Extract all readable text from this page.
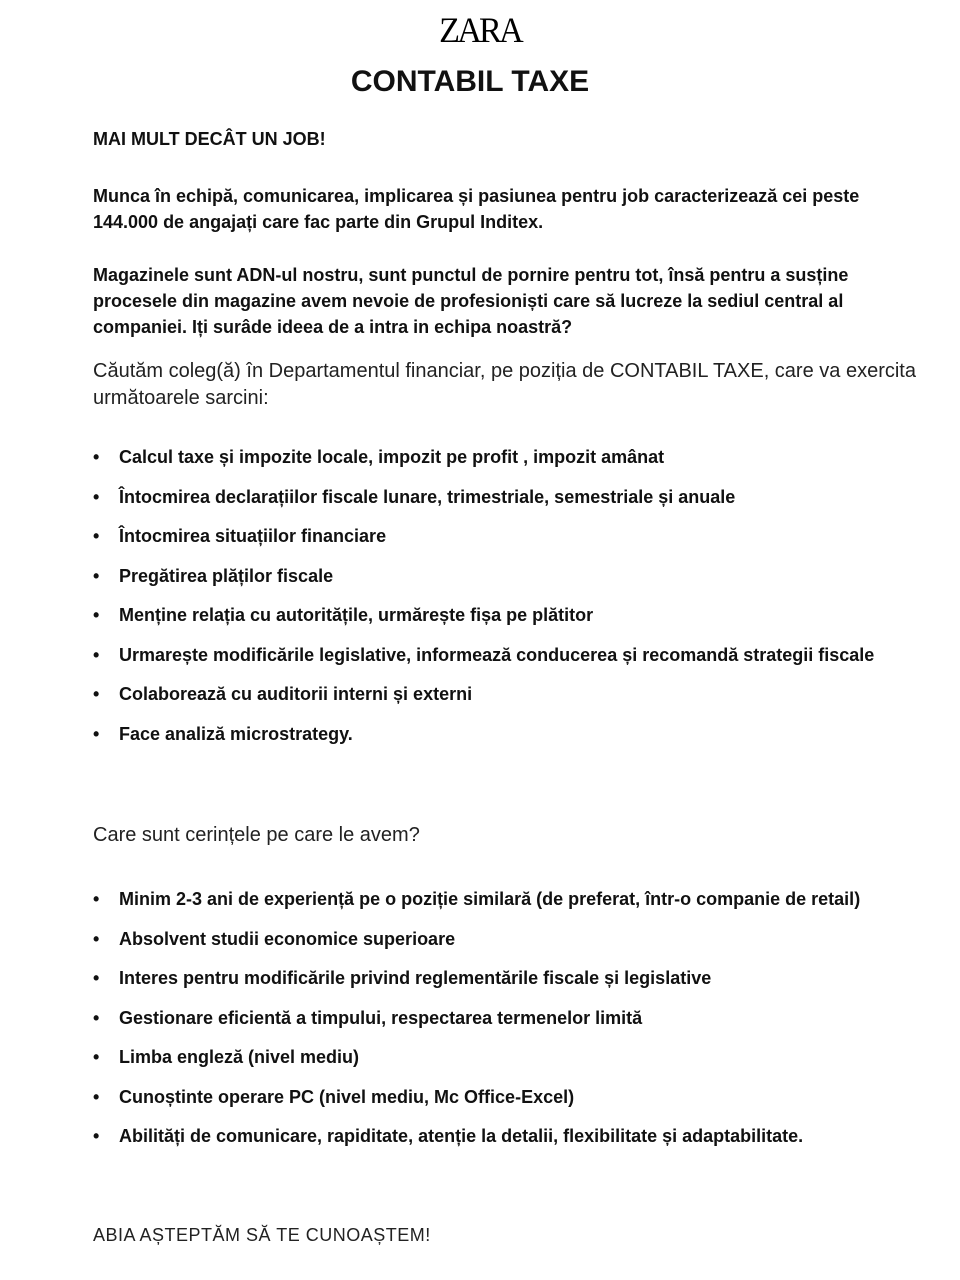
ZARA
CONTABIL TAXE

MAI MULT DECÂT UN JOB!

Munca în echipă, comunicarea, implicarea și pasiunea pentru job caracterizează cei peste 144.000 de angajați care fac parte din Grupul Inditex.

Magazinele sunt ADN-ul nostru, sunt punctul de pornire pentru tot, însă pentru a susține procesele din magazine avem nevoie de profesioniști care să lucreze la sediul central al companiei. Iți surâde ideea de a intra in echipa noastră?

Căutăm coleg(ă) în Departamentul financiar, pe poziția de CONTABIL TAXE, care va exercita următoarele sarcini:

• Calcul taxe și impozite locale, impozit pe profit , impozit amânat
• Întocmirea declarațiilor fiscale lunare, trimestriale, semestriale și anuale
• Întocmirea situațiilor financiare
• Pregătirea plăților fiscale
• Menține relația cu autoritățile, urmărește fișa pe plătitor
• Urmarește modificările legislative, informează conducerea și recomandă strategii fiscale
• Colaborează cu auditorii interni și externi
• Face analiză microstrategy.

Care sunt cerințele pe care le avem?

• Minim 2-3 ani de experiență pe o poziție similară (de preferat, într-o companie de retail)
• Absolvent studii economice superioare
• Interes pentru modificările privind reglementările fiscale și legislative
• Gestionare eficientă a timpului, respectarea termenelor limită
• Limba engleză (nivel mediu)
• Cunoștinte operare PC (nivel mediu, Mc Office-Excel)
• Abilități de comunicare, rapiditate, atenție la detalii, flexibilitate și adaptabilitate.

ABIA AȘTEPTĂM SĂ TE CUNOAȘTEM!
